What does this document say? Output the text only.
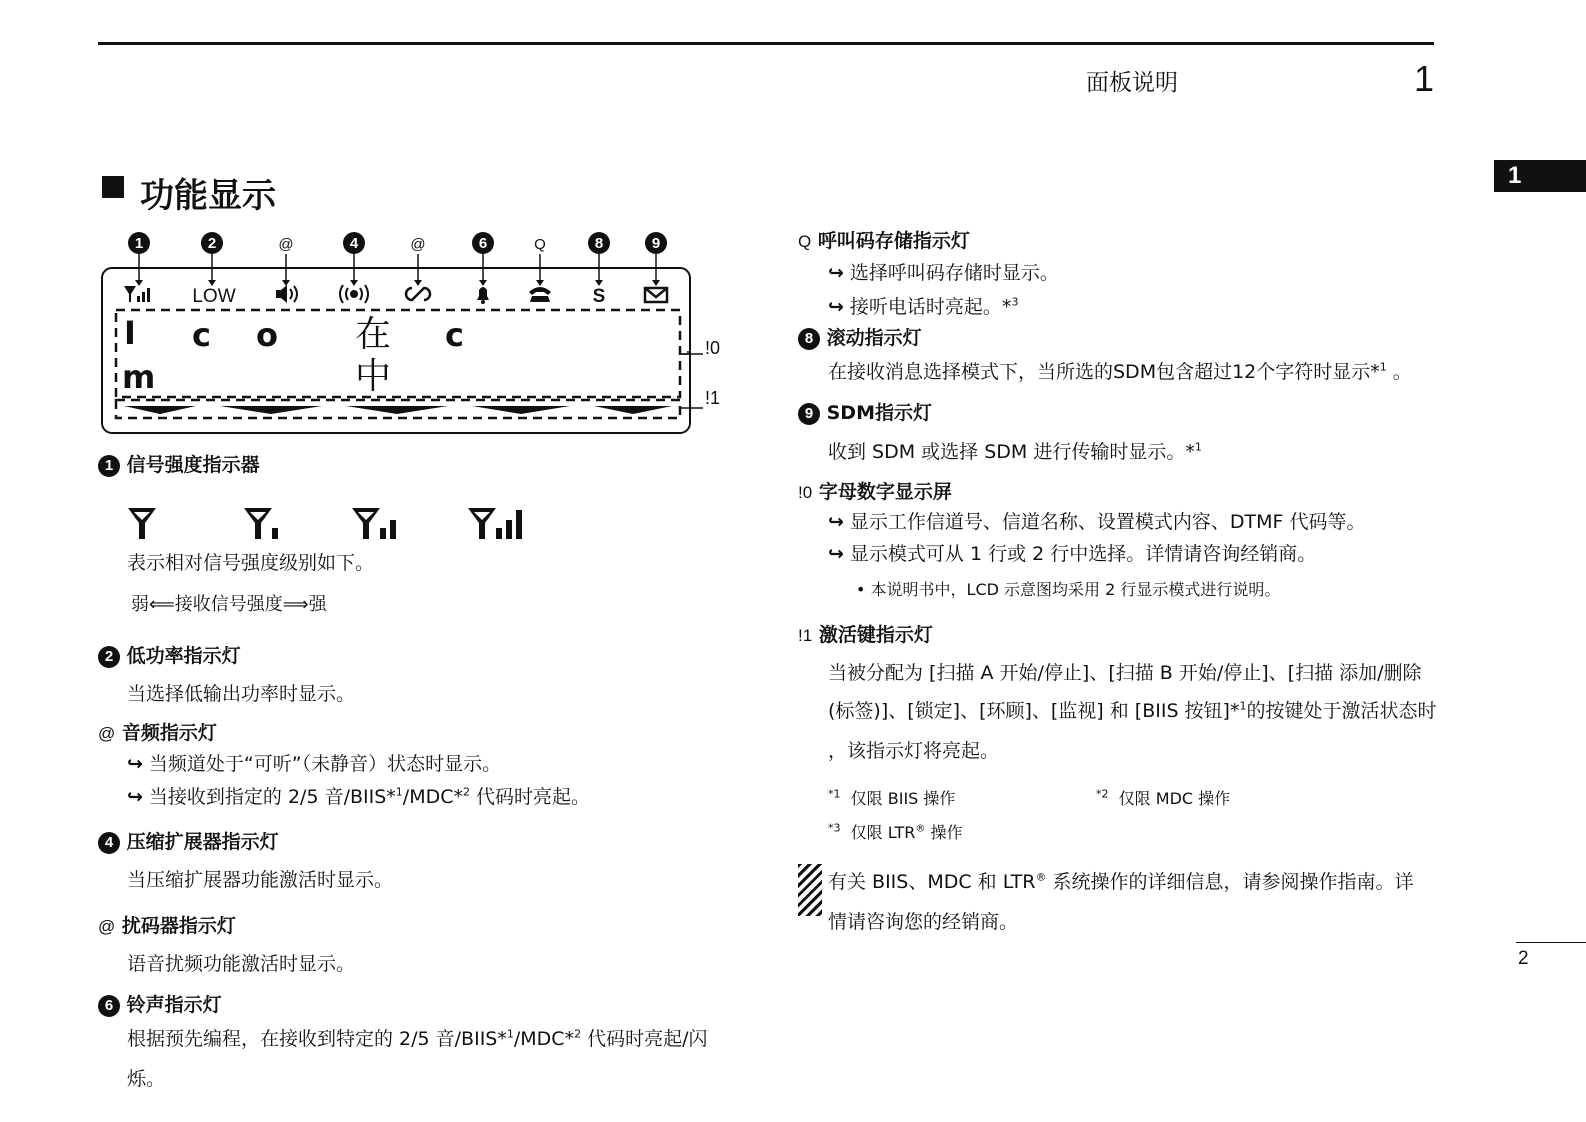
面板说明	1
1
2
功能显示
1	2	@	4	@	6	Q	8	9
LOW	S
I c o 在 c
m	中
!0
!1
1 信号强度指示器
表示相对信号强度级别如下。
弱⟸接收信号强度⟹强
2 低功率指示灯
当选择低输出功率时显示。
@ 音频指示灯
↪ 当频道处于“可听”（未静音）状态时显示。
↪ 当接收到指定的 2/5 音/BIIS*$^1$/MDC*$^2$ 代码时亮起。
4 压缩扩展器指示灯
当压缩扩展器功能激活时显示。
@ 扰码器指示灯
语音扰频功能激活时显示。
6 铃声指示灯
根据预先编程，在接收到特定的 2/5 音/BIIS*$^1$/MDC*$^2$ 代码时亮起/闪
烁。
Q 呼叫码存储指示灯
↪ 选择呼叫码存储时显示。
↪ 接听电话时亮起。*$^3$
8 滚动指示灯
在接收消息选择模式下，当所选的SDM包含超过12个字符时显示*$^1$ 。
9 SDM指示灯
收到 SDM 或选择 SDM 进行传输时显示。*$^1$
!0 字母数字显示屏
↪ 显示工作信道号、信道名称、设置模式内容、DTMF 代码等。
↪ 显示模式可从 1 行或 2 行中选择。详情请咨询经销商。
• 本说明书中，LCD 示意图均采用 2 行显示模式进行说明。
!1 激活键指示灯
当被分配为 [扫描 A 开始/停止]、[扫描 B 开始/停止]、[扫描 添加/删除
(标签)]、[锁定]、[环顾]、[监视] 和 [BIIS 按钮]*$^1$的按键处于激活状态时
，该指示灯将亮起。
$^{*1}$ 仅限 BIIS 操作	$^{*2}$ 仅限 MDC 操作
$^{*3}$ 仅限 LTR® 操作
有关 BIIS、MDC 和 LTR® 系统操作的详细信息，请参阅操作指南。详
情请咨询您的经销商。
